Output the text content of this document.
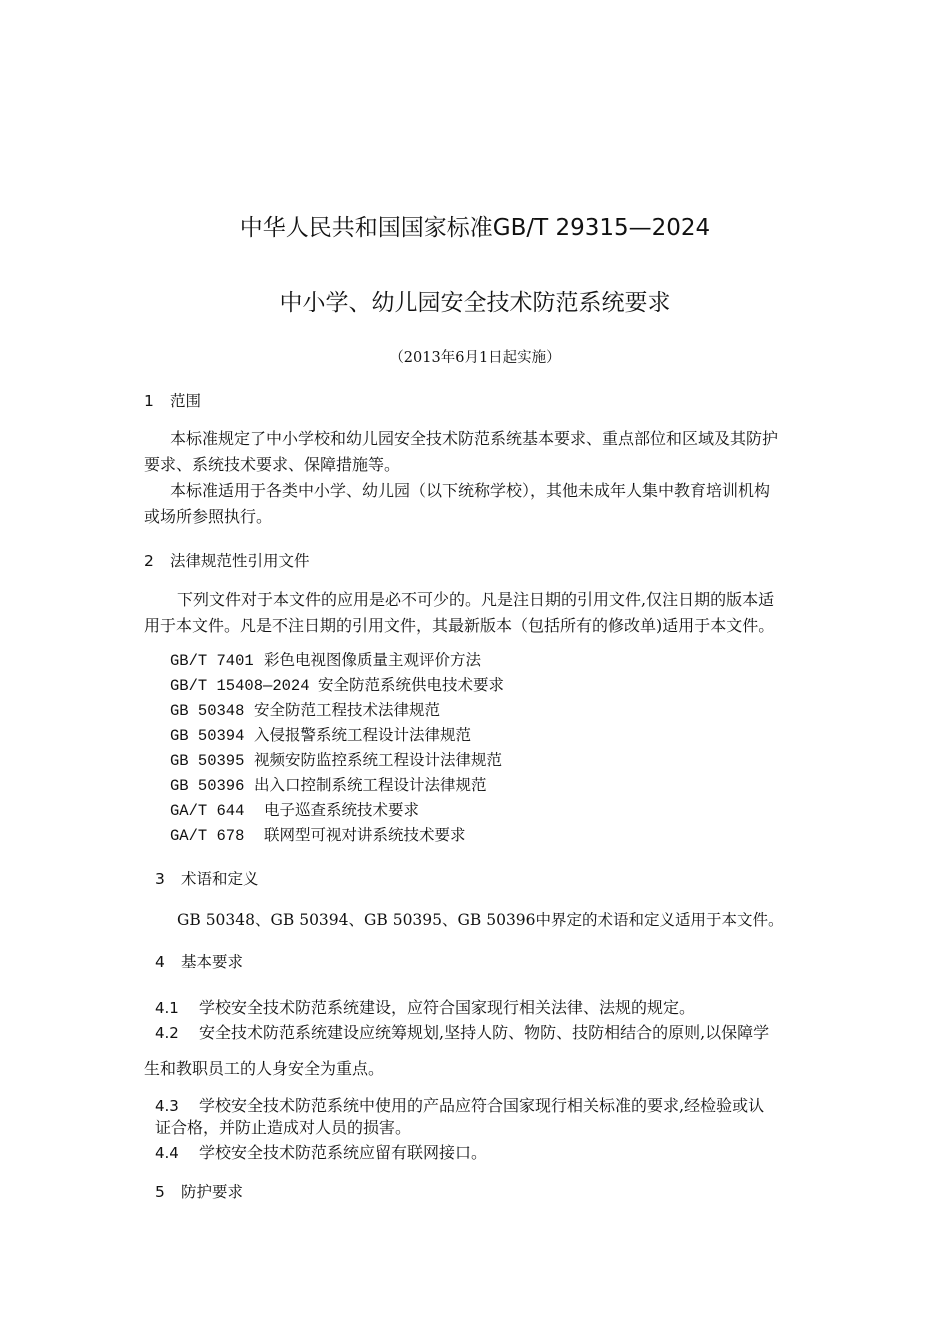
中华人民共和国国家标准GB/T 29315—2024
中小学、幼儿园安全技术防范系统要求
（2013年6月1日起实施）
1 范围
本标准规定了中小学校和幼儿园安全技术防范系统基本要求、重点部位和区域及其防护
要求、系统技术要求、保障措施等。
本标准适用于各类中小学、幼儿园（以下统称学校），其他未成年人集中教育培训机构
或场所参照执行。
2 法律规范性引用文件
下列文件对于本文件的应用是必不可少的。凡是注日期的引用文件,仅注日期的版本适
用于本文件。凡是不注日期的引用文件，其最新版本（包括所有的修改单)适用于本文件。
GB/T 7401 彩色电视图像质量主观评价方法
GB/T 15408—2024 安全防范系统供电技术要求
GB 50348 安全防范工程技术法律规范
GB 50394 入侵报警系统工程设计法律规范
GB 50395 视频安防监控系统工程设计法律规范
GB 50396 出入口控制系统工程设计法律规范
GA/T 644 电子巡查系统技术要求
GA/T 678 联网型可视对讲系统技术要求
3 术语和定义
GB 50348、GB 50394、GB 50395、GB 50396中界定的术语和定义适用于本文件。
4 基本要求
4.1 学校安全技术防范系统建设，应符合国家现行相关法律、法规的规定。
4.2 安全技术防范系统建设应统筹规划,坚持人防、物防、技防相结合的原则,以保障学
生和教职员工的人身安全为重点。
4.3 学校安全技术防范系统中使用的产品应符合国家现行相关标准的要求,经检验或认
证合格，并防止造成对人员的损害。
4.4 学校安全技术防范系统应留有联网接口。
5 防护要求
